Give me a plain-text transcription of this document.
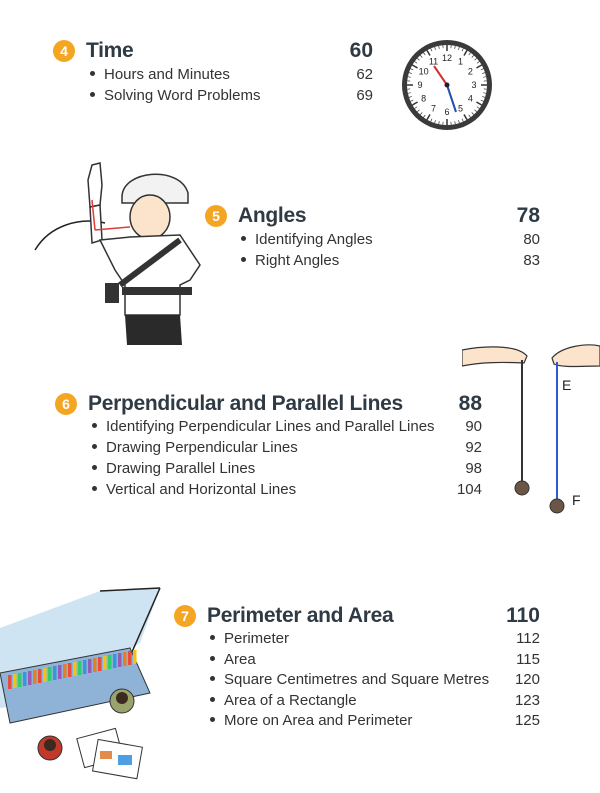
4 Time	60
Hours and Minutes	62
Solving Word Problems	69
12 1
2
3
4
5
6
7
8
9
10
11
5 Angles	78
Identifying Angles	80
Right Angles	83
E
F
6 Perpendicular and Parallel Lines	88
Identifying Perpendicular Lines and Parallel Lines	90
Drawing Perpendicular Lines	92
Drawing Parallel Lines	98
Vertical and Horizontal Lines	104
7 Perimeter and Area	110
Perimeter	112
Area	115
Square Centimetres and Square Metres	120
Area of a Rectangle	123
More on Area and Perimeter	125
